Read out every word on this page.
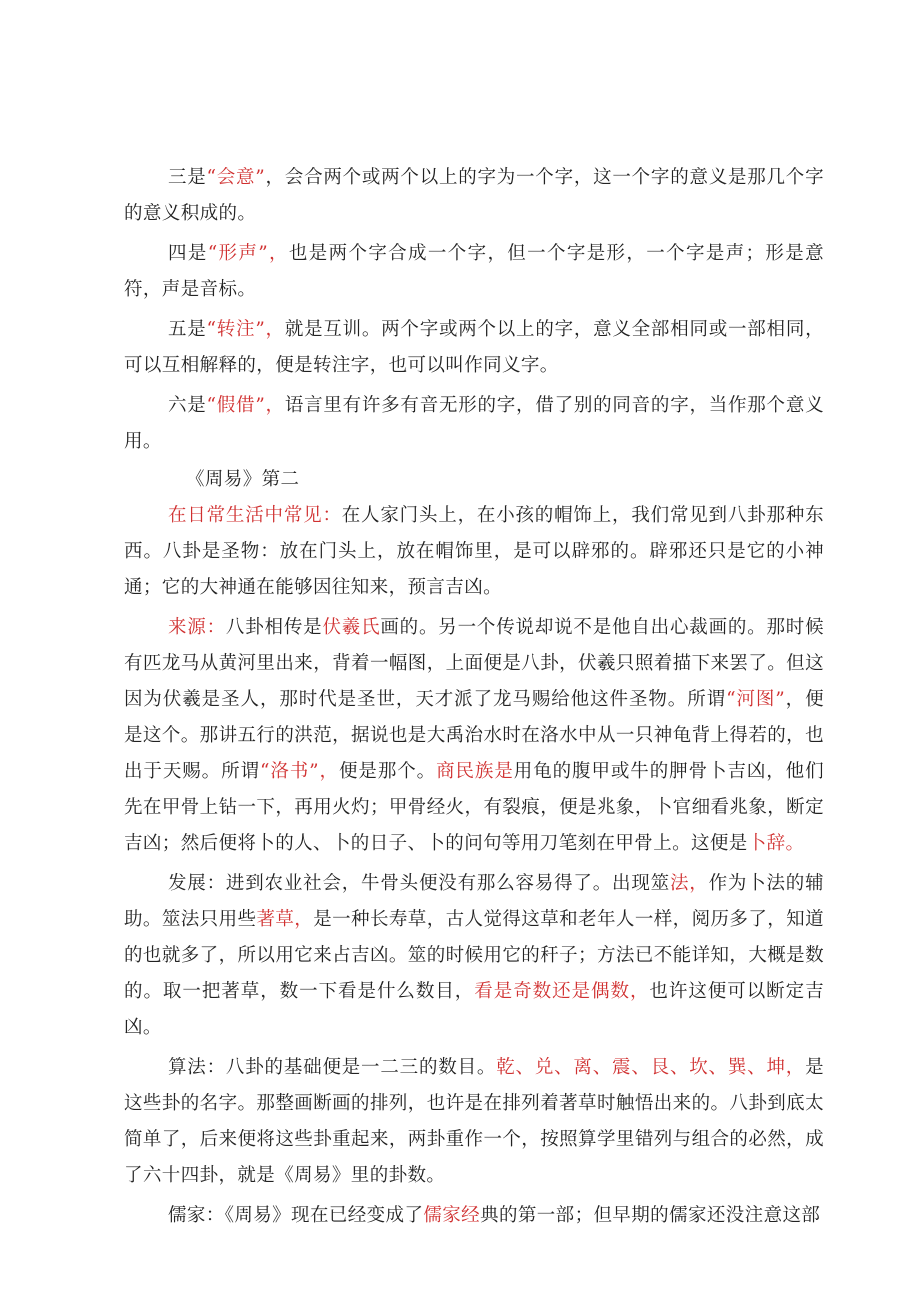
三是“会意”，会合两个或两个以上的字为一个字，这一个字的意义是那几个字的意义积成的。

四是“形声”，也是两个字合成一个字，但一个字是形，一个字是声；形是意符，声是音标。

五是“转注”，就是互训。两个字或两个以上的字，意义全部相同或一部相同，可以互相解释的，便是转注字，也可以叫作同义字。

六是“假借”，语言里有许多有音无形的字，借了别的同音的字，当作那个意义用。

《周易》第二

在日常生活中常见：在人家门头上，在小孩的帽饰上，我们常见到八卦那种东西。八卦是圣物：放在门头上，放在帽饰里，是可以辟邪的。辟邪还只是它的小神通；它的大神通在能够因往知来，预言吉凶。

来源：八卦相传是伏羲氏画的。另一个传说却说不是他自出心裁画的。那时候有匹龙马从黄河里出来，背着一幅图，上面便是八卦，伏羲只照着描下来罢了。但这因为伏羲是圣人，那时代是圣世，天才派了龙马赐给他这件圣物。所谓“河图”，便是这个。那讲五行的洪范，据说也是大禹治水时在洛水中从一只神龟背上得若的，也出于天赐。所谓“洛书”，便是那个。商民族是用龟的腹甲或牛的胛骨卜吉凶，他们先在甲骨上钻一下，再用火灼；甲骨经火，有裂痕，便是兆象，卜官细看兆象，断定吉凶；然后便将卜的人、卜的日子、卜的问句等用刀笔刻在甲骨上。这便是卜辞。

发展：进到农业社会，牛骨头便没有那么容易得了。出现筮法，作为卜法的辅助。筮法只用些著草，是一种长寿草，古人觉得这草和老年人一样，阅历多了，知道的也就多了，所以用它来占吉凶。筮的时候用它的秆子；方法已不能详知，大概是数的。取一把著草，数一下看是什么数目，看是奇数还是偶数，也许这便可以断定吉凶。

算法：八卦的基础便是一二三的数目。乾、兑、离、震、艮、坎、巽、坤，是这些卦的名字。那整画断画的排列，也许是在排列着著草时触悟出来的。八卦到底太简单了，后来便将这些卦重起来，两卦重作一个，按照算学里错列与组合的必然，成了六十四卦，就是《周易》里的卦数。

儒家：《周易》现在已经变成了儒家经典的第一部；但早期的儒家还没注意这部
